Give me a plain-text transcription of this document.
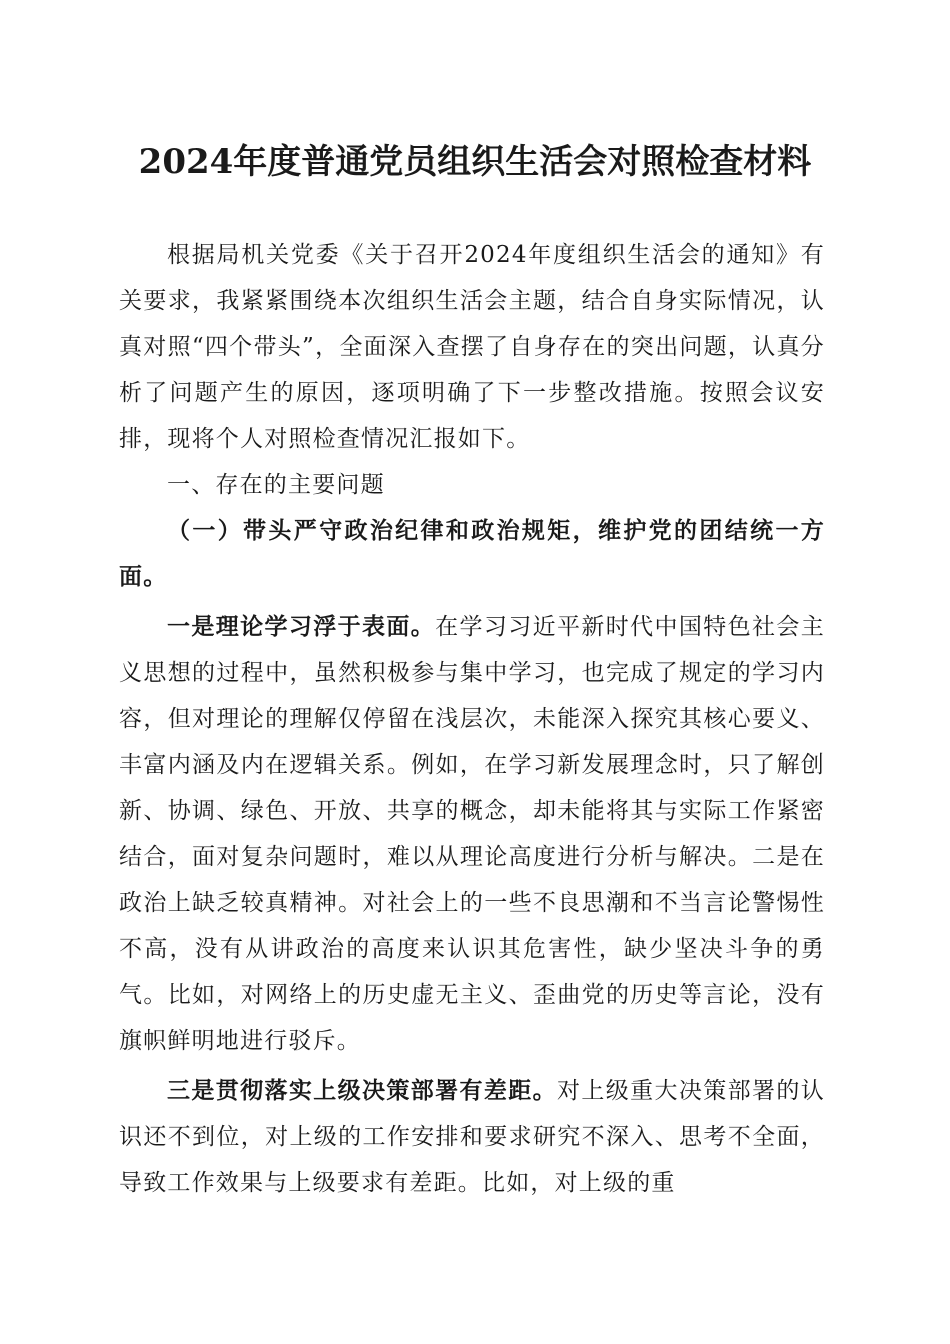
2024年度普通党员组织生活会对照检查材料

根据局机关党委《关于召开2024年度组织生活会的通知》有关要求，我紧紧围绕本次组织生活会主题，结合自身实际情况，认真对照“四个带头”，全面深入查摆了自身存在的突出问题，认真分析了问题产生的原因，逐项明确了下一步整改措施。按照会议安排，现将个人对照检查情况汇报如下。

一、存在的主要问题

（一）带头严守政治纪律和政治规矩，维护党的团结统一方面。

一是理论学习浮于表面。在学习习近平新时代中国特色社会主义思想的过程中，虽然积极参与集中学习，也完成了规定的学习内容，但对理论的理解仅停留在浅层次，未能深入探究其核心要义、丰富内涵及内在逻辑关系。例如，在学习新发展理念时，只了解创新、协调、绿色、开放、共享的概念，却未能将其与实际工作紧密结合，面对复杂问题时，难以从理论高度进行分析与解决。二是在政治上缺乏较真精神。对社会上的一些不良思潮和不当言论警惕性不高，没有从讲政治的高度来认识其危害性，缺少坚决斗争的勇气。比如，对网络上的历史虚无主义、歪曲党的历史等言论，没有旗帜鲜明地进行驳斥。

三是贯彻落实上级决策部署有差距。对上级重大决策部署的认识还不到位，对上级的工作安排和要求研究不深入、思考不全面，导致工作效果与上级要求有差距。比如，对上级的重
